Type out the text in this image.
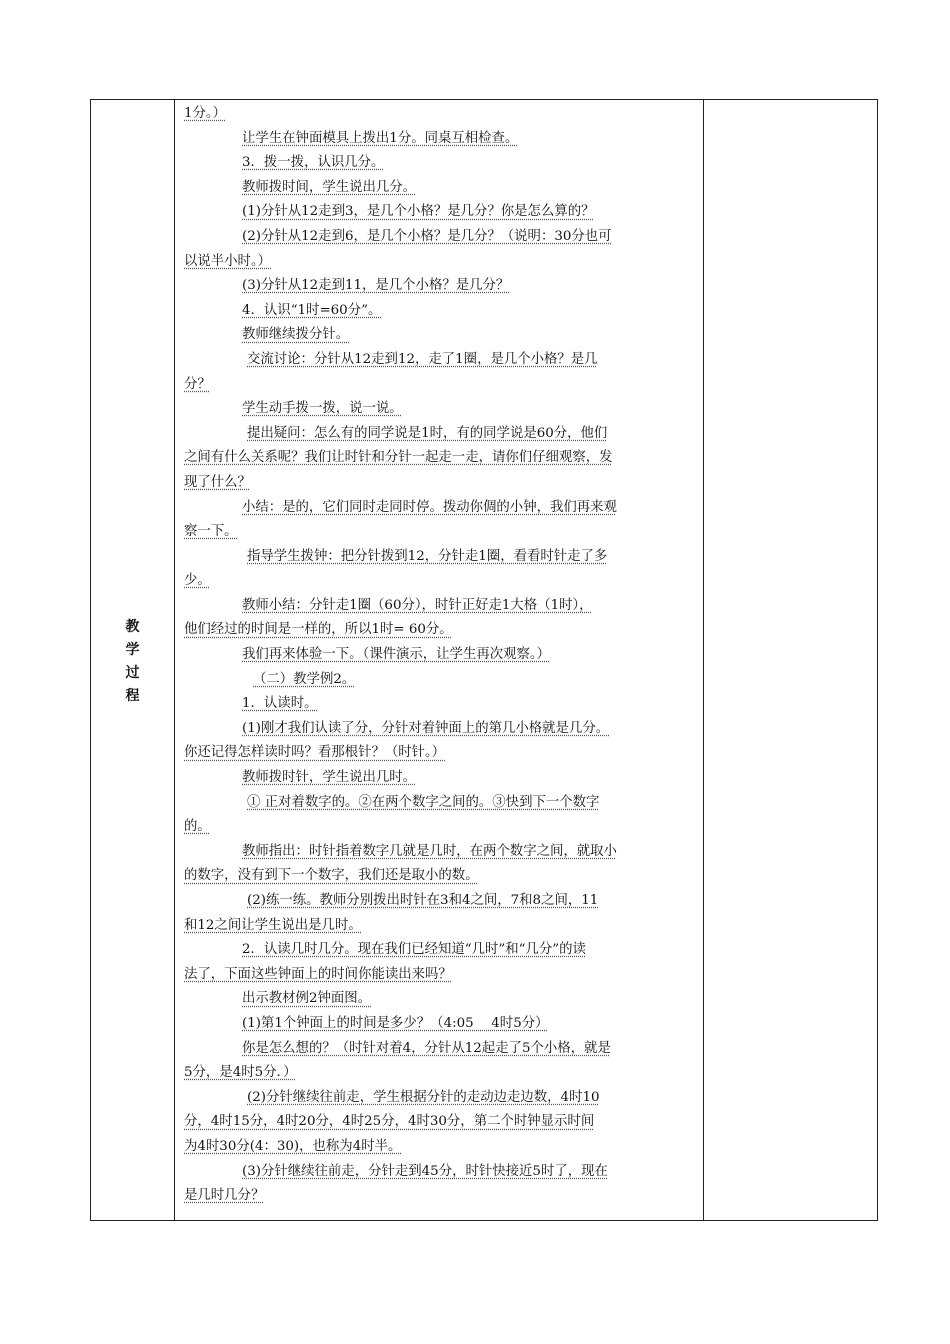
教
学
过
程
1分。）
让学生在钟面模具上拨出1分。同桌互相检查。
3．拨一拨，认识几分。
教师拨时间，学生说出几分。
(1)分针从12走到3，是几个小格？是几分？你是怎么算的？
(2)分针从12走到6，是几个小格？是几分？（说明：30分也可
以说半小时。）
(3)分针从12走到11，是几个小格？是几分？
4．认识“1时=60分”。
教师继续拨分针。
交流讨论：分针从12走到12，走了1圈，是几个小格？是几
分？
学生动手拨一拨，说一说。
提出疑问：怎么有的同学说是1时，有的同学说是60分，他们
之间有什么关系呢？我们让时针和分针一起走一走，请你们仔细观察，发
现了什么？
小结：是的，它们同时走同时停。拨动你倜的小钟，我们再来观
察一下。
指导学生拨钟：把分针拨到12，分针走1圈，看看时针走了多
少。
教师小结：分针走1圈（60分），时针正好走1大格（1时），
他们经过的时间是一样的，所以1时= 60分。
我们再来体验一下。（课件演示，让学生再次观察。）
（二）教学例2。
1．认读时。
(1)刚才我们认读了分，分针对着钟面上的第几小格就是几分。
你还记得怎样读时吗？看那根针？（时针。）
教师拨时针，学生说出几时。
① 正对着数字的。②在两个数字之间的。③快到下一个数字
的。
教师指出：时针指着数字几就是几时，在两个数字之间，就取小
的数字，没有到下一个数字，我们还是取小的数。
(2)练一练。教师分别拨出时针在3和4之间，7和8之间，11
和12之间让学生说出是几时。
2．认读几时几分。现在我们已经知道“几时”和“几分”的读
法了，下面这些钟面上的时间你能读出来吗？
出示教材例2钟面图。
(1)第1个钟面上的时间是多少？（4:05　 4时5分）
你是怎么想的？（时针对着4，分针从12起走了5个小格，就是
5分，是4时5分．）
(2)分针继续往前走，学生根据分针的走动边走边数，4时10
分，4时15分，4时20分，4时25分，4时30分，第二个时钟显示时间
为4时30分(4：30)，也称为4时半。
(3)分针继续往前走，分针走到45分，时针快接近5时了，现在
是几时几分？
